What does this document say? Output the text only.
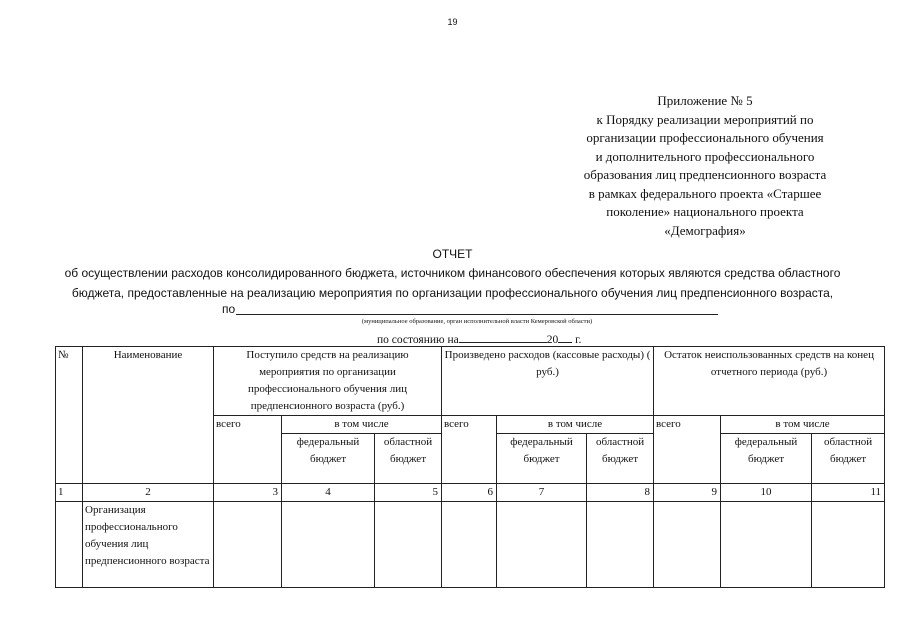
19
Приложение № 5
к Порядку реализации мероприятий по
организации профессионального обучения
и дополнительного профессионального
образования лиц предпенсионного возраста
в рамках федерального проекта «Старшее
поколение» национального проекта
«Демография»
ОТЧЕТ
об осуществлении расходов консолидированного бюджета, источником финансового обеспечения которых являются средства областного
бюджета, предоставленные на реализацию мероприятия по организации профессионального обучения лиц предпенсионного возраста,
по
(муниципальное образование, орган исполнительной власти Кемеровской области)
по состоянию на	20 г.
№	Наименование	Поступило средств на реализацию мероприятия по организации профессионального обучения лиц предпенсионного возраста (руб.)			Произведено расходов (кассовые расходы) ( руб.)			Остаток неиспользованных средств на конец отчетного периода (руб.)		
		всего	в том числе		всего	в том числе		всего	в том числе	
			федеральный бюджет	областной бюджет		федеральный бюджет	областной бюджет		федеральный бюджет	областной бюджет
1	2	3	4	5	6	7	8	9	10	11
	Организация профессионального обучения лиц предпенсионного возраста									
